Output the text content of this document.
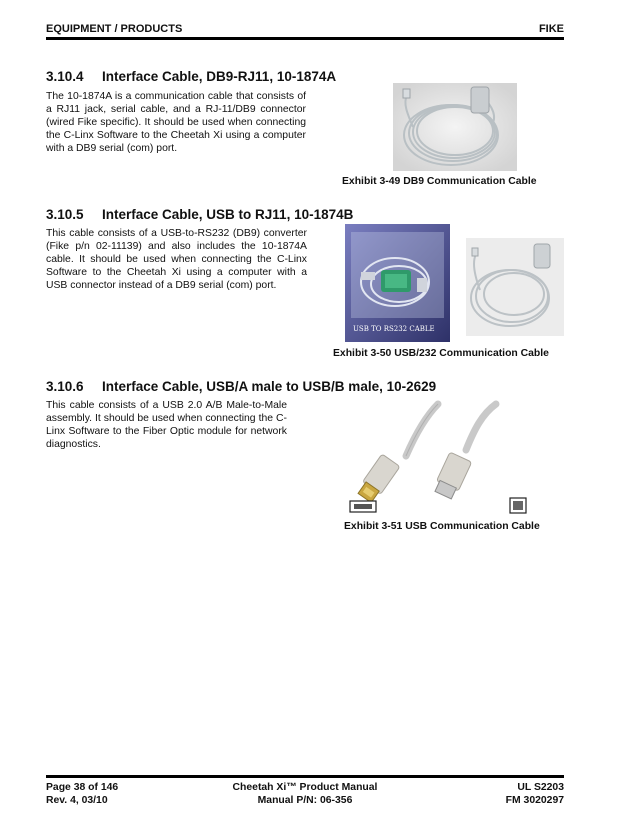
EQUIPMENT / PRODUCTS	FIKE
3.10.4 Interface Cable, DB9-RJ11, 10-1874A
The 10-1874A is a communication cable that consists of a RJ11 jack, serial cable, and a RJ-11/DB9 connector (wired Fike specific). It should be used when connecting the C-Linx Software to the Cheetah Xi using a computer with a DB9 serial (com) port.
Exhibit 3-49 DB9 Communication Cable
3.10.5 Interface Cable, USB to RJ11, 10-1874B
This cable consists of a USB-to-RS232 (DB9) converter (Fike p/n 02-11139) and also includes the 10-1874A cable. It should be used when connecting the C-Linx Software to the Cheetah Xi using a computer with a USB connector instead of a DB9 serial (com) port.
USB TO RS232 CABLE
Exhibit 3-50 USB/232 Communication Cable
3.10.6 Interface Cable, USB/A male to USB/B male, 10-2629
This cable consists of a USB 2.0 A/B Male-to-Male assembly. It should be used when connecting the C-Linx Software to the Fiber Optic module for network diagnostics.
Exhibit 3-51 USB Communication Cable
Page 38 of 146
Rev. 4, 03/10
Cheetah Xi™ Product Manual
Manual P/N: 06-356
UL S2203
FM 3020297
